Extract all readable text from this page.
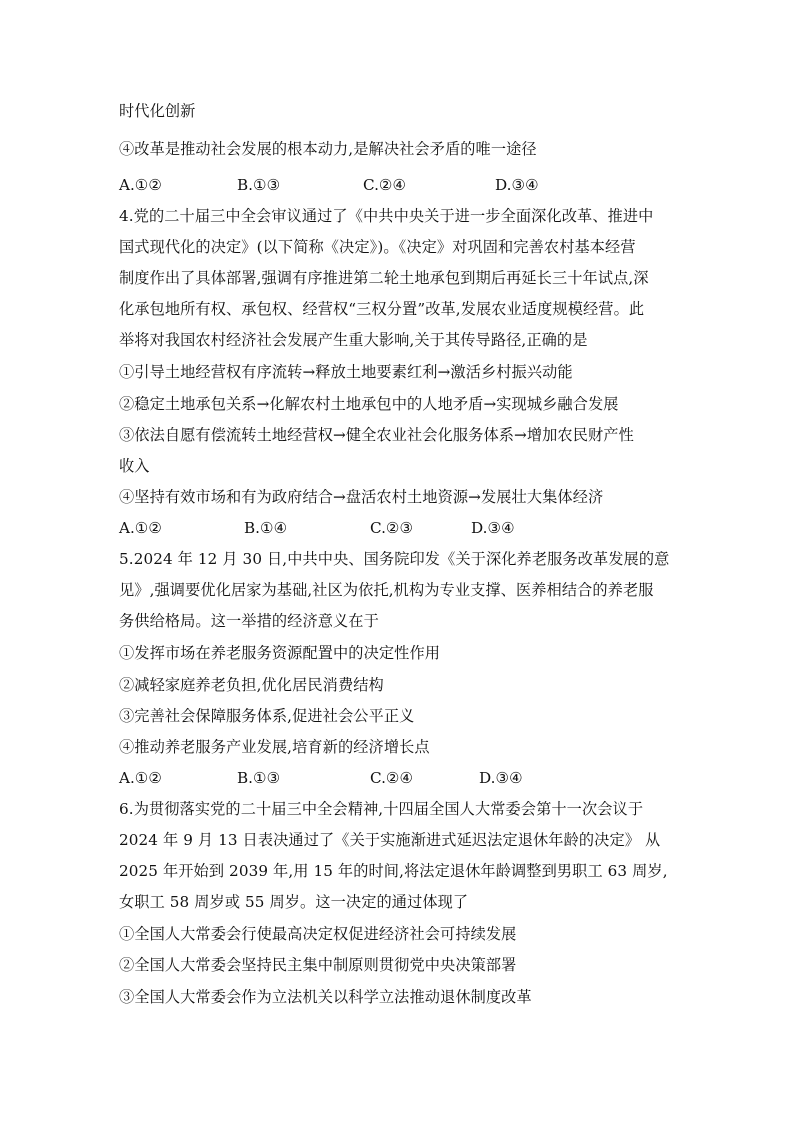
时代化创新
④改革是推动社会发展的根本动力,是解决社会矛盾的唯一途径
A.①②	B.①③	C.②④	D.③④
4.党的二十届三中全会审议通过了《中共中央关于进一步全面深化改革、推进中
国式现代化的决定》(以下简称《决定》)。《决定》对巩固和完善农村基本经营
制度作出了具体部署,强调有序推进第二轮土地承包到期后再延长三十年试点,深
化承包地所有权、承包权、经营权“三权分置”改革,发展农业适度规模经营。此
举将对我国农村经济社会发展产生重大影响,关于其传导路径,正确的是
①引导土地经营权有序流转→释放土地要素红利→激活乡村振兴动能
②稳定土地承包关系→化解农村土地承包中的人地矛盾→实现城乡融合发展
③依法自愿有偿流转土地经营权→健全农业社会化服务体系→增加农民财产性
收入
④坚持有效市场和有为政府结合→盘活农村土地资源→发展壮大集体经济
A.①②	B.①④	C.②③	D.③④
5.2024 年 12 月 30 日,中共中央、国务院印发《关于深化养老服务改革发展的意
见》,强调要优化居家为基础,社区为依托,机构为专业支撑、医养相结合的养老服
务供给格局。这一举措的经济意义在于
①发挥市场在养老服务资源配置中的决定性作用
②减轻家庭养老负担,优化居民消费结构
③完善社会保障服务体系,促进社会公平正义
④推动养老服务产业发展,培育新的经济增长点
A.①②	B.①③	C.②④	D.③④
6.为贯彻落实党的二十届三中全会精神,十四届全国人大常委会第十一次会议于
2024 年 9 月 13 日表决通过了《关于实施渐进式延迟法定退休年龄的决定》 从
2025 年开始到 2039 年,用 15 年的时间,将法定退休年龄调整到男职工 63 周岁,
女职工 58 周岁或 55 周岁。这一决定的通过体现了
①全国人大常委会行使最高决定权促进经济社会可持续发展
②全国人大常委会坚持民主集中制原则贯彻党中央决策部署
③全国人大常委会作为立法机关以科学立法推动退休制度改革
